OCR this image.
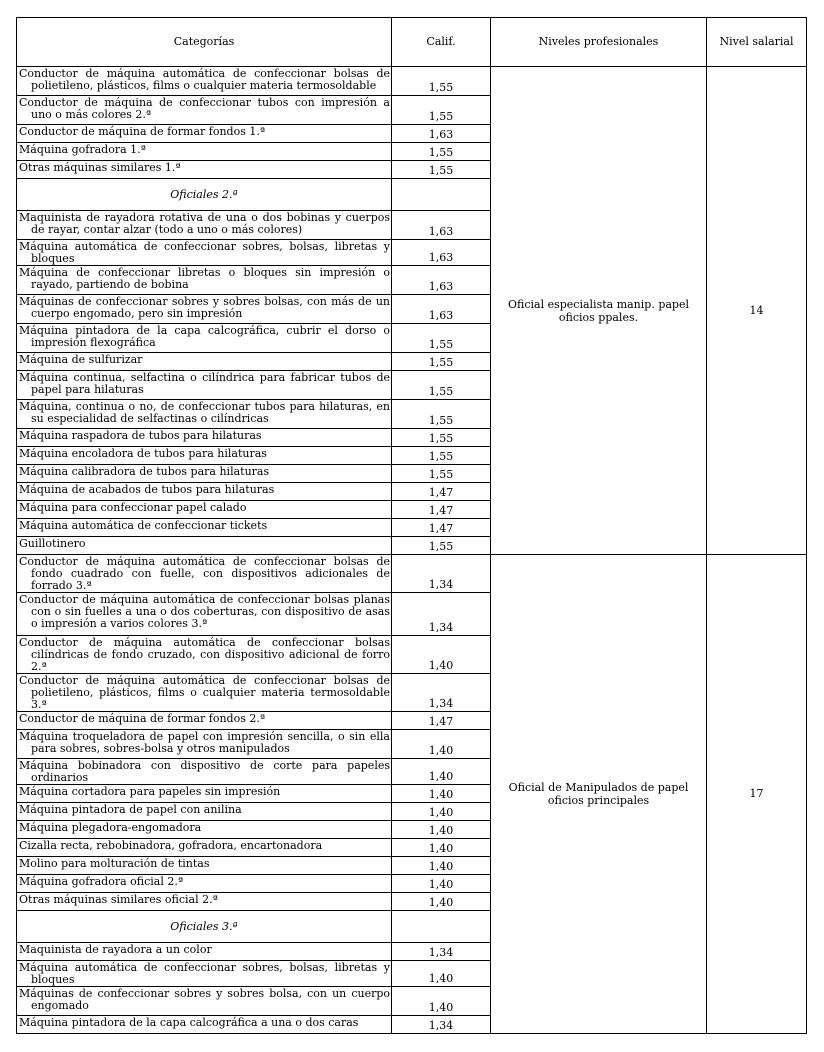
Categorías	Calif.	Niveles profesionales	Nivel salarial

Conductor de máquina automática de confeccionar bolsas de polietileno, plásticos, films o cualquier materia termosoldable	1,55	Oficial especialista manip. papel oficios ppales.	14

Conductor de máquina de confeccionar tubos con impresión a uno o más colores 2.ª	1,55		

Conductor de máquina de formar fondos 1.ª	1,63		

Máquina gofradora 1.ª	1,55		

Otras máquinas similares 1.ª	1,55		
Oficiales 2.ª			

Maquinista de rayadora rotativa de una o dos bobinas y cuerpos de rayar, contar alzar (todo a uno o más colores)	1,63		

Máquina automática de confeccionar sobres, bolsas, libretas y bloques	1,63		

Máquina de confeccionar libretas o bloques sin impresión o rayado, partiendo de bobina	1,63		

Máquinas de confeccionar sobres y sobres bolsas, con más de un cuerpo engomado, pero sin impresión	1,63		

Máquina pintadora de la capa calcográfica, cubrir el dorso o impresión flexográfica	1,55		

Máquina de sulfurizar	1,55		

Máquina continua, selfactina o cilíndrica para fabricar tubos de papel para hilaturas	1,55		

Máquina, continua o no, de confeccionar tubos para hilaturas, en su especialidad de selfactinas o cilíndricas	1,55		

Máquina raspadora de tubos para hilaturas	1,55		

Máquina encoladora de tubos para hilaturas	1,55		

Máquina calibradora de tubos para hilaturas	1,55		

Máquina de acabados de tubos para hilaturas	1,47		

Máquina para confeccionar papel calado	1,47		

Máquina automática de confeccionar tickets	1,47		

Guillotinero	1,55		

Conductor de máquina automática de confeccionar bolsas de fondo cuadrado con fuelle, con dispositivos adicionales de forrado 3.ª	1,34	Oficial de Manipulados de papel oficios principales	17

Conductor de máquina automática de confeccionar bolsas planas con o sin fuelles a una o dos coberturas, con dispositivo de asas o impresión a varios colores 3.ª	1,34		

Conductor de máquina automática de confeccionar bolsas cilíndricas de fondo cruzado, con dispositivo adicional de forro 2.ª	1,40		

Conductor de máquina automática de confeccionar bolsas de polietileno, plásticos, films o cualquier materia termosoldable 3.ª	1,34		

Conductor de máquina de formar fondos 2.ª	1,47		

Máquina troqueladora de papel con impresión sencilla, o sin ella para sobres, sobres-bolsa y otros manipulados	1,40		

Máquina bobinadora con dispositivo de corte para papeles ordinarios	1,40		

Máquina cortadora para papeles sin impresión	1,40		

Máquina pintadora de papel con anilina	1,40		

Máquina plegadora-engomadora	1,40		

Cizalla recta, rebobinadora, gofradora, encartonadora	1,40		

Molino para molturación de tintas	1,40		

Máquina gofradora oficial 2.ª	1,40		

Otras máquinas similares oficial 2.ª	1,40		
Oficiales 3.ª			

Maquinista de rayadora a un color	1,34		

Máquina automática de confeccionar sobres, bolsas, libretas y bloques	1,40		

Máquinas de confeccionar sobres y sobres bolsa, con un cuerpo engomado	1,40		

Máquina pintadora de la capa calcográfica a una o dos caras	1,34		
